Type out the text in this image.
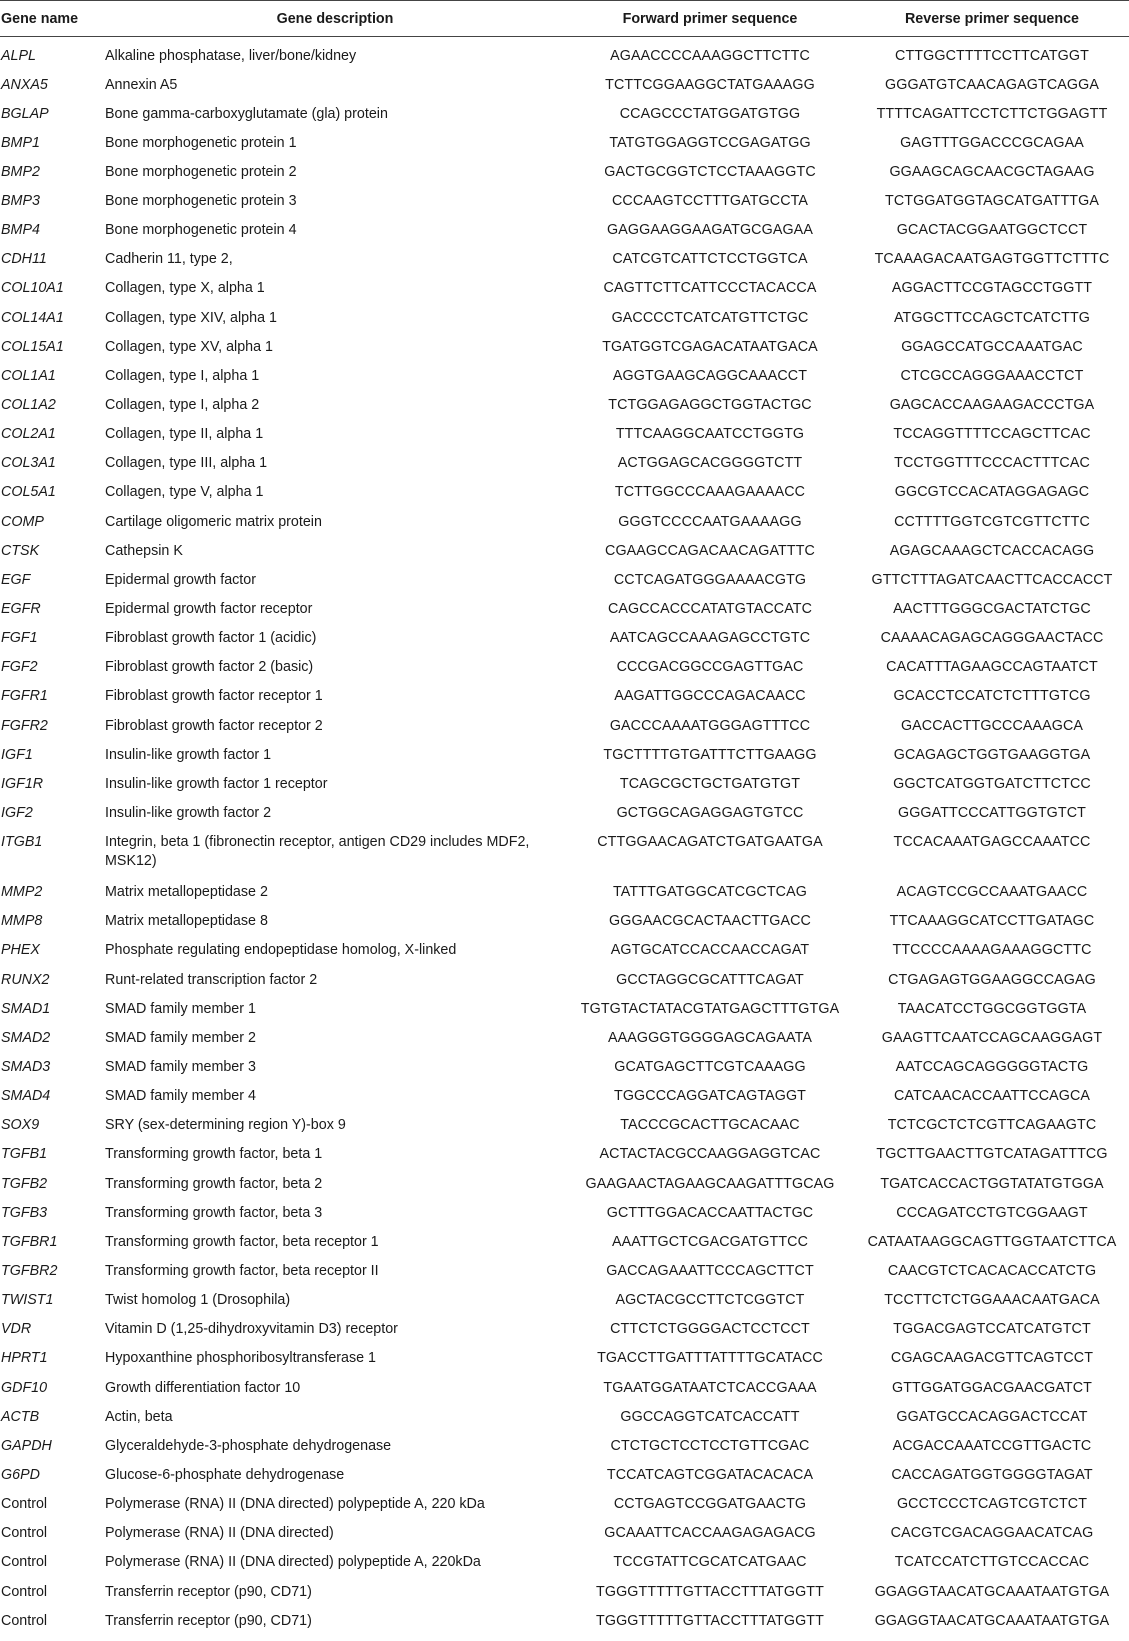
Gene name	Gene description	Forward primer sequence	Reverse primer sequence
ALPL	Alkaline phosphatase, liver/bone/kidney	AGAACCCCAAAGGCTTCTTC	CTTGGCTTTTCCTTCATGGT
ANXA5	Annexin A5	TCTTCGGAAGGCTATGAAAGG	GGGATGTCAACAGAGTCAGGA
BGLAP	Bone gamma-carboxyglutamate (gla) protein	CCAGCCCTATGGATGTGG	TTTTCAGATTCCTCTTCTGGAGTT
BMP1	Bone morphogenetic protein 1	TATGTGGAGGTCCGAGATGG	GAGTTTGGACCCGCAGAA
BMP2	Bone morphogenetic protein 2	GACTGCGGTCTCCTAAAGGTC	GGAAGCAGCAACGCTAGAAG
BMP3	Bone morphogenetic protein 3	CCCAAGTCCTTTGATGCCTA	TCTGGATGGTAGCATGATTTGA
BMP4	Bone morphogenetic protein 4	GAGGAAGGAAGATGCGAGAA	GCACTACGGAATGGCTCCT
CDH11	Cadherin 11, type 2,	CATCGTCATTCTCCTGGTCA	TCAAAGACAATGAGTGGTTCTTTC
COL10A1	Collagen, type X, alpha 1	CAGTTCTTCATTCCCTACACCA	AGGACTTCCGTAGCCTGGTT
COL14A1	Collagen, type XIV, alpha 1	GACCCCTCATCATGTTCTGC	ATGGCTTCCAGCTCATCTTG
COL15A1	Collagen, type XV, alpha 1	TGATGGTCGAGACATAATGACA	GGAGCCATGCCAAATGAC
COL1A1	Collagen, type I, alpha 1	AGGTGAAGCAGGCAAACCT	CTCGCCAGGGAAACCTCT
COL1A2	Collagen, type I, alpha 2	TCTGGAGAGGCTGGTACTGC	GAGCACCAAGAAGACCCTGA
COL2A1	Collagen, type II, alpha 1	TTTCAAGGCAATCCTGGTG	TCCAGGTTTTCCAGCTTCAC
COL3A1	Collagen, type III, alpha 1	ACTGGAGCACGGGGTCTT	TCCTGGTTTCCCACTTTCAC
COL5A1	Collagen, type V, alpha 1	TCTTGGCCCAAAGAAAACC	GGCGTCCACATAGGAGAGC
COMP	Cartilage oligomeric matrix protein	GGGTCCCCAATGAAAAGG	CCTTTTGGTCGTCGTTCTTC
CTSK	Cathepsin K	CGAAGCCAGACAACAGATTTC	AGAGCAAAGCTCACCACAGG
EGF	Epidermal growth factor	CCTCAGATGGGAAAACGTG	GTTCTTTAGATCAACTTCACCACCT
EGFR	Epidermal growth factor receptor	CAGCCACCCATATGTACCATC	AACTTTGGGCGACTATCTGC
FGF1	Fibroblast growth factor 1 (acidic)	AATCAGCCAAAGAGCCTGTC	CAAAACAGAGCAGGGAACTACC
FGF2	Fibroblast growth factor 2 (basic)	CCCGACGGCCGAGTTGAC	CACATTTAGAAGCCAGTAATCT
FGFR1	Fibroblast growth factor receptor 1	AAGATTGGCCCAGACAACC	GCACCTCCATCTCTTTGTCG
FGFR2	Fibroblast growth factor receptor 2	GACCCAAAATGGGAGTTTCC	GACCACTTGCCCAAAGCA
IGF1	Insulin-like growth factor 1	TGCTTTTGTGATTTCTTGAAGG	GCAGAGCTGGTGAAGGTGA
IGF1R	Insulin-like growth factor 1 receptor	TCAGCGCTGCTGATGTGT	GGCTCATGGTGATCTTCTCC
IGF2	Insulin-like growth factor 2	GCTGGCAGAGGAGTGTCC	GGGATTCCCATTGGTGTCT
ITGB1	Integrin, beta 1 (fibronectin receptor, antigen CD29 includes MDF2, MSK12)	CTTGGAACAGATCTGATGAATGA	TCCACAAATGAGCCAAATCC
MMP2	Matrix metallopeptidase 2	TATTTGATGGCATCGCTCAG	ACAGTCCGCCAAATGAACC
MMP8	Matrix metallopeptidase 8	GGGAACGCACTAACTTGACC	TTCAAAGGCATCCTTGATAGC
PHEX	Phosphate regulating endopeptidase homolog, X-linked	AGTGCATCCACCAACCAGAT	TTCCCCAAAAGAAAGGCTTC
RUNX2	Runt-related transcription factor 2	GCCTAGGCGCATTTCAGAT	CTGAGAGTGGAAGGCCAGAG
SMAD1	SMAD family member 1	TGTGTACTATACGTATGAGCTTTGTGA	TAACATCCTGGCGGTGGTA
SMAD2	SMAD family member 2	AAAGGGTGGGGAGCAGAATA	GAAGTTCAATCCAGCAAGGAGT
SMAD3	SMAD family member 3	GCATGAGCTTCGTCAAAGG	AATCCAGCAGGGGGTACTG
SMAD4	SMAD family member 4	TGGCCCAGGATCAGTAGGT	CATCAACACCAATTCCAGCA
SOX9	SRY (sex-determining region Y)-box 9	TACCCGCACTTGCACAAC	TCTCGCTCTCGTTCAGAAGTC
TGFB1	Transforming growth factor, beta 1	ACTACTACGCCAAGGAGGTCAC	TGCTTGAACTTGTCATAGATTTCG
TGFB2	Transforming growth factor, beta 2	GAAGAACTAGAAGCAAGATTTGCAG	TGATCACCACTGGTATATGTGGA
TGFB3	Transforming growth factor, beta 3	GCTTTGGACACCAATTACTGC	CCCAGATCCTGTCGGAAGT
TGFBR1	Transforming growth factor, beta receptor 1	AAATTGCTCGACGATGTTCC	CATAATAAGGCAGTTGGTAATCTTCA
TGFBR2	Transforming growth factor, beta receptor II	GACCAGAAATTCCCAGCTTCT	CAACGTCTCACACACCATCTG
TWIST1	Twist homolog 1 (Drosophila)	AGCTACGCCTTCTCGGTCT	TCCTTCTCTGGAAACAATGACA
VDR	Vitamin D (1,25-dihydroxyvitamin D3) receptor	CTTCTCTGGGGACTCCTCCT	TGGACGAGTCCATCATGTCT
HPRT1	Hypoxanthine phosphoribosyltransferase 1	TGACCTTGATTTATTTTGCATACC	CGAGCAAGACGTTCAGTCCT
GDF10	Growth differentiation factor 10	TGAATGGATAATCTCACCGAAA	GTTGGATGGACGAACGATCT
ACTB	Actin, beta	GGCCAGGTCATCACCATT	GGATGCCACAGGACTCCAT
GAPDH	Glyceraldehyde-3-phosphate dehydrogenase	CTCTGCTCCTCCTGTTCGAC	ACGACCAAATCCGTTGACTC
G6PD	Glucose-6-phosphate dehydrogenase	TCCATCAGTCGGATACACACA	CACCAGATGGTGGGGTAGAT
Control	Polymerase (RNA) II (DNA directed) polypeptide A, 220 kDa	CCTGAGTCCGGATGAACTG	GCCTCCCTCAGTCGTCTCT
Control	Polymerase (RNA) II (DNA directed)	GCAAATTCACCAAGAGAGACG	CACGTCGACAGGAACATCAG
Control	Polymerase (RNA) II (DNA directed) polypeptide A, 220kDa	TCCGTATTCGCATCATGAAC	TCATCCATCTTGTCCACCAC
Control	Transferrin receptor (p90, CD71)	TGGGTTTTTGTTACCTTTATGGTT	GGAGGTAACATGCAAATAATGTGA
Control	Transferrin receptor (p90, CD71)	TGGGTTTTTGTTACCTTTATGGTT	GGAGGTAACATGCAAATAATGTGA
